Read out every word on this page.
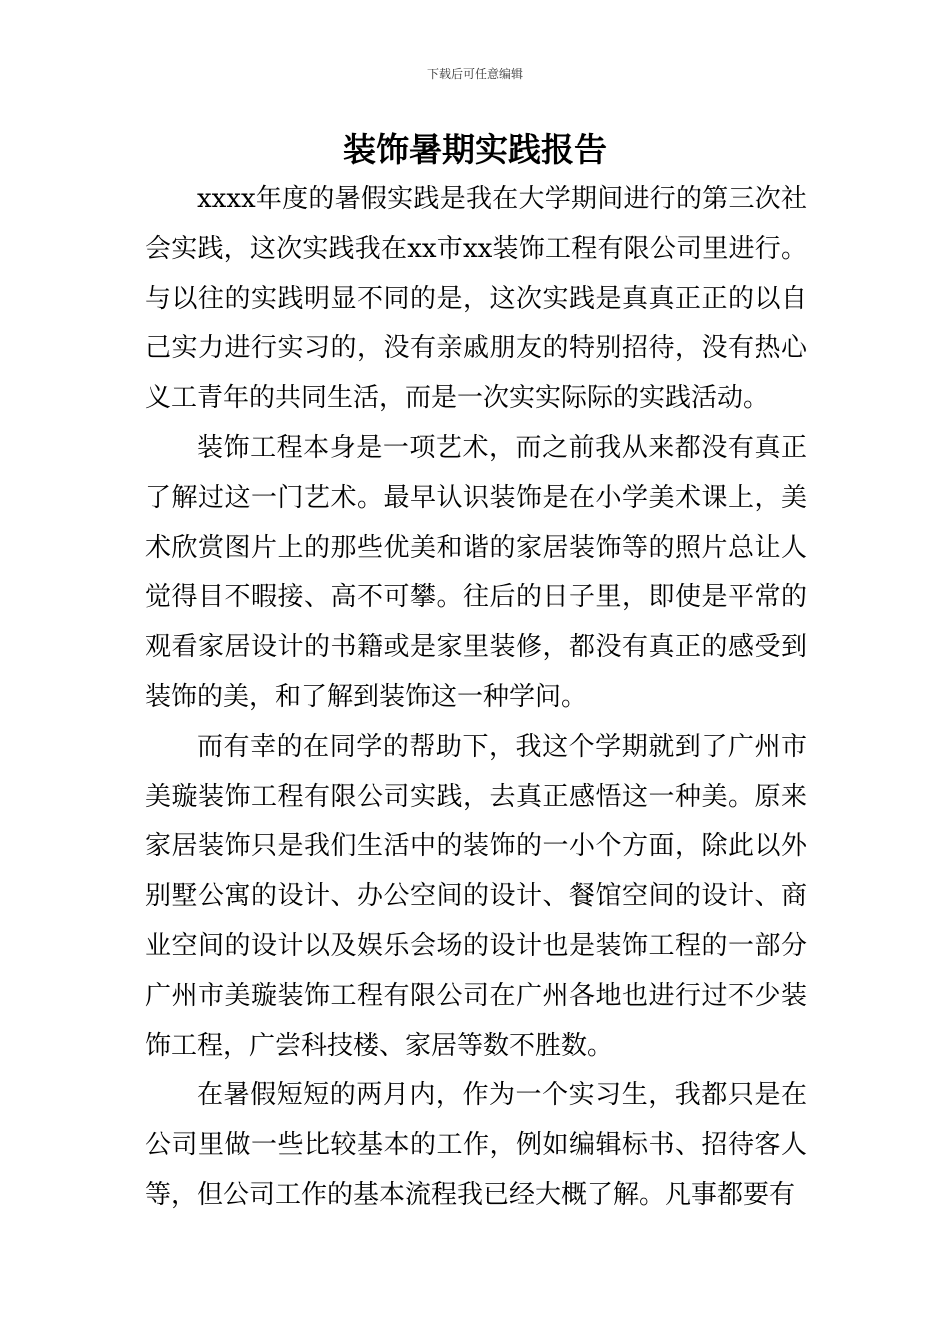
下载后可任意编辑
装饰暑期实践报告

xxxx年度的暑假实践是我在大学期间进行的第三次社会实践，这次实践我在xx市xx装饰工程有限公司里进行。与以往的实践明显不同的是，这次实践是真真正正的以自己实力进行实习的，没有亲戚朋友的特别招待，没有热心义工青年的共同生活，而是一次实实际际的实践活动。

装饰工程本身是一项艺术，而之前我从来都没有真正了解过这一门艺术。最早认识装饰是在小学美术课上，美术欣赏图片上的那些优美和谐的家居装饰等的照片总让人觉得目不暇接、高不可攀。往后的日子里，即使是平常的观看家居设计的书籍或是家里装修，都没有真正的感受到装饰的美，和了解到装饰这一种学问。

而有幸的在同学的帮助下，我这个学期就到了广州市美璇装饰工程有限公司实践，去真正感悟这一种美。原来家居装饰只是我们生活中的装饰的一小个方面，除此以外别墅公寓的设计、办公空间的设计、餐馆空间的设计、商业空间的设计以及娱乐会场的设计也是装饰工程的一部分广州市美璇装饰工程有限公司在广州各地也进行过不少装饰工程，广尝科技楼、家居等数不胜数。

在暑假短短的两月内，作为一个实习生，我都只是在公司里做一些比较基本的工作，例如编辑标书、招待客人等，但公司工作的基本流程我已经大概了解。凡事都要有
